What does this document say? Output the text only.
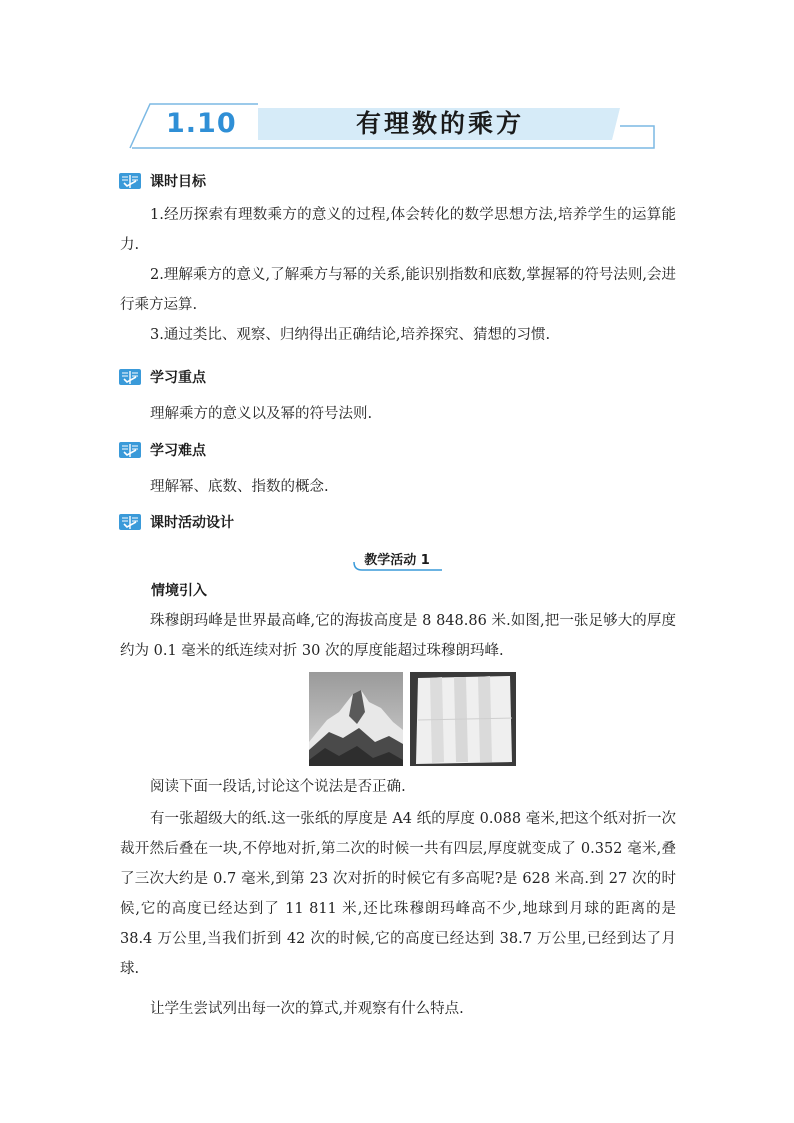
1.10	有理数的乘方
课时目标
1.经历探索有理数乘方的意义的过程,体会转化的数学思想方法,培养学生的运算能力.
2.理解乘方的意义,了解乘方与幂的关系,能识别指数和底数,掌握幂的符号法则,会进行乘方运算.
3.通过类比、观察、归纳得出正确结论,培养探究、猜想的习惯.
学习重点
理解乘方的意义以及幂的符号法则.
学习难点
理解幂、底数、指数的概念.
课时活动设计
教学活动 1
情境引入
珠穆朗玛峰是世界最高峰,它的海拔高度是 8 848.86 米.如图,把一张足够大的厚度约为 0.1 毫米的纸连续对折 30 次的厚度能超过珠穆朗玛峰.
阅读下面一段话,讨论这个说法是否正确.
有一张超级大的纸.这一张纸的厚度是 A4 纸的厚度 0.088 毫米,把这个纸对折一次裁开然后叠在一块,不停地对折,第二次的时候一共有四层,厚度就变成了 0.352 毫米,叠了三次大约是 0.7 毫米,到第 23 次对折的时候它有多高呢?是 628 米高.到 27 次的时候,它的高度已经达到了 11 811 米,还比珠穆朗玛峰高不少,地球到月球的距离的是 38.4 万公里,当我们折到 42 次的时候,它的高度已经达到 38.7 万公里,已经到达了月球.
让学生尝试列出每一次的算式,并观察有什么特点.
